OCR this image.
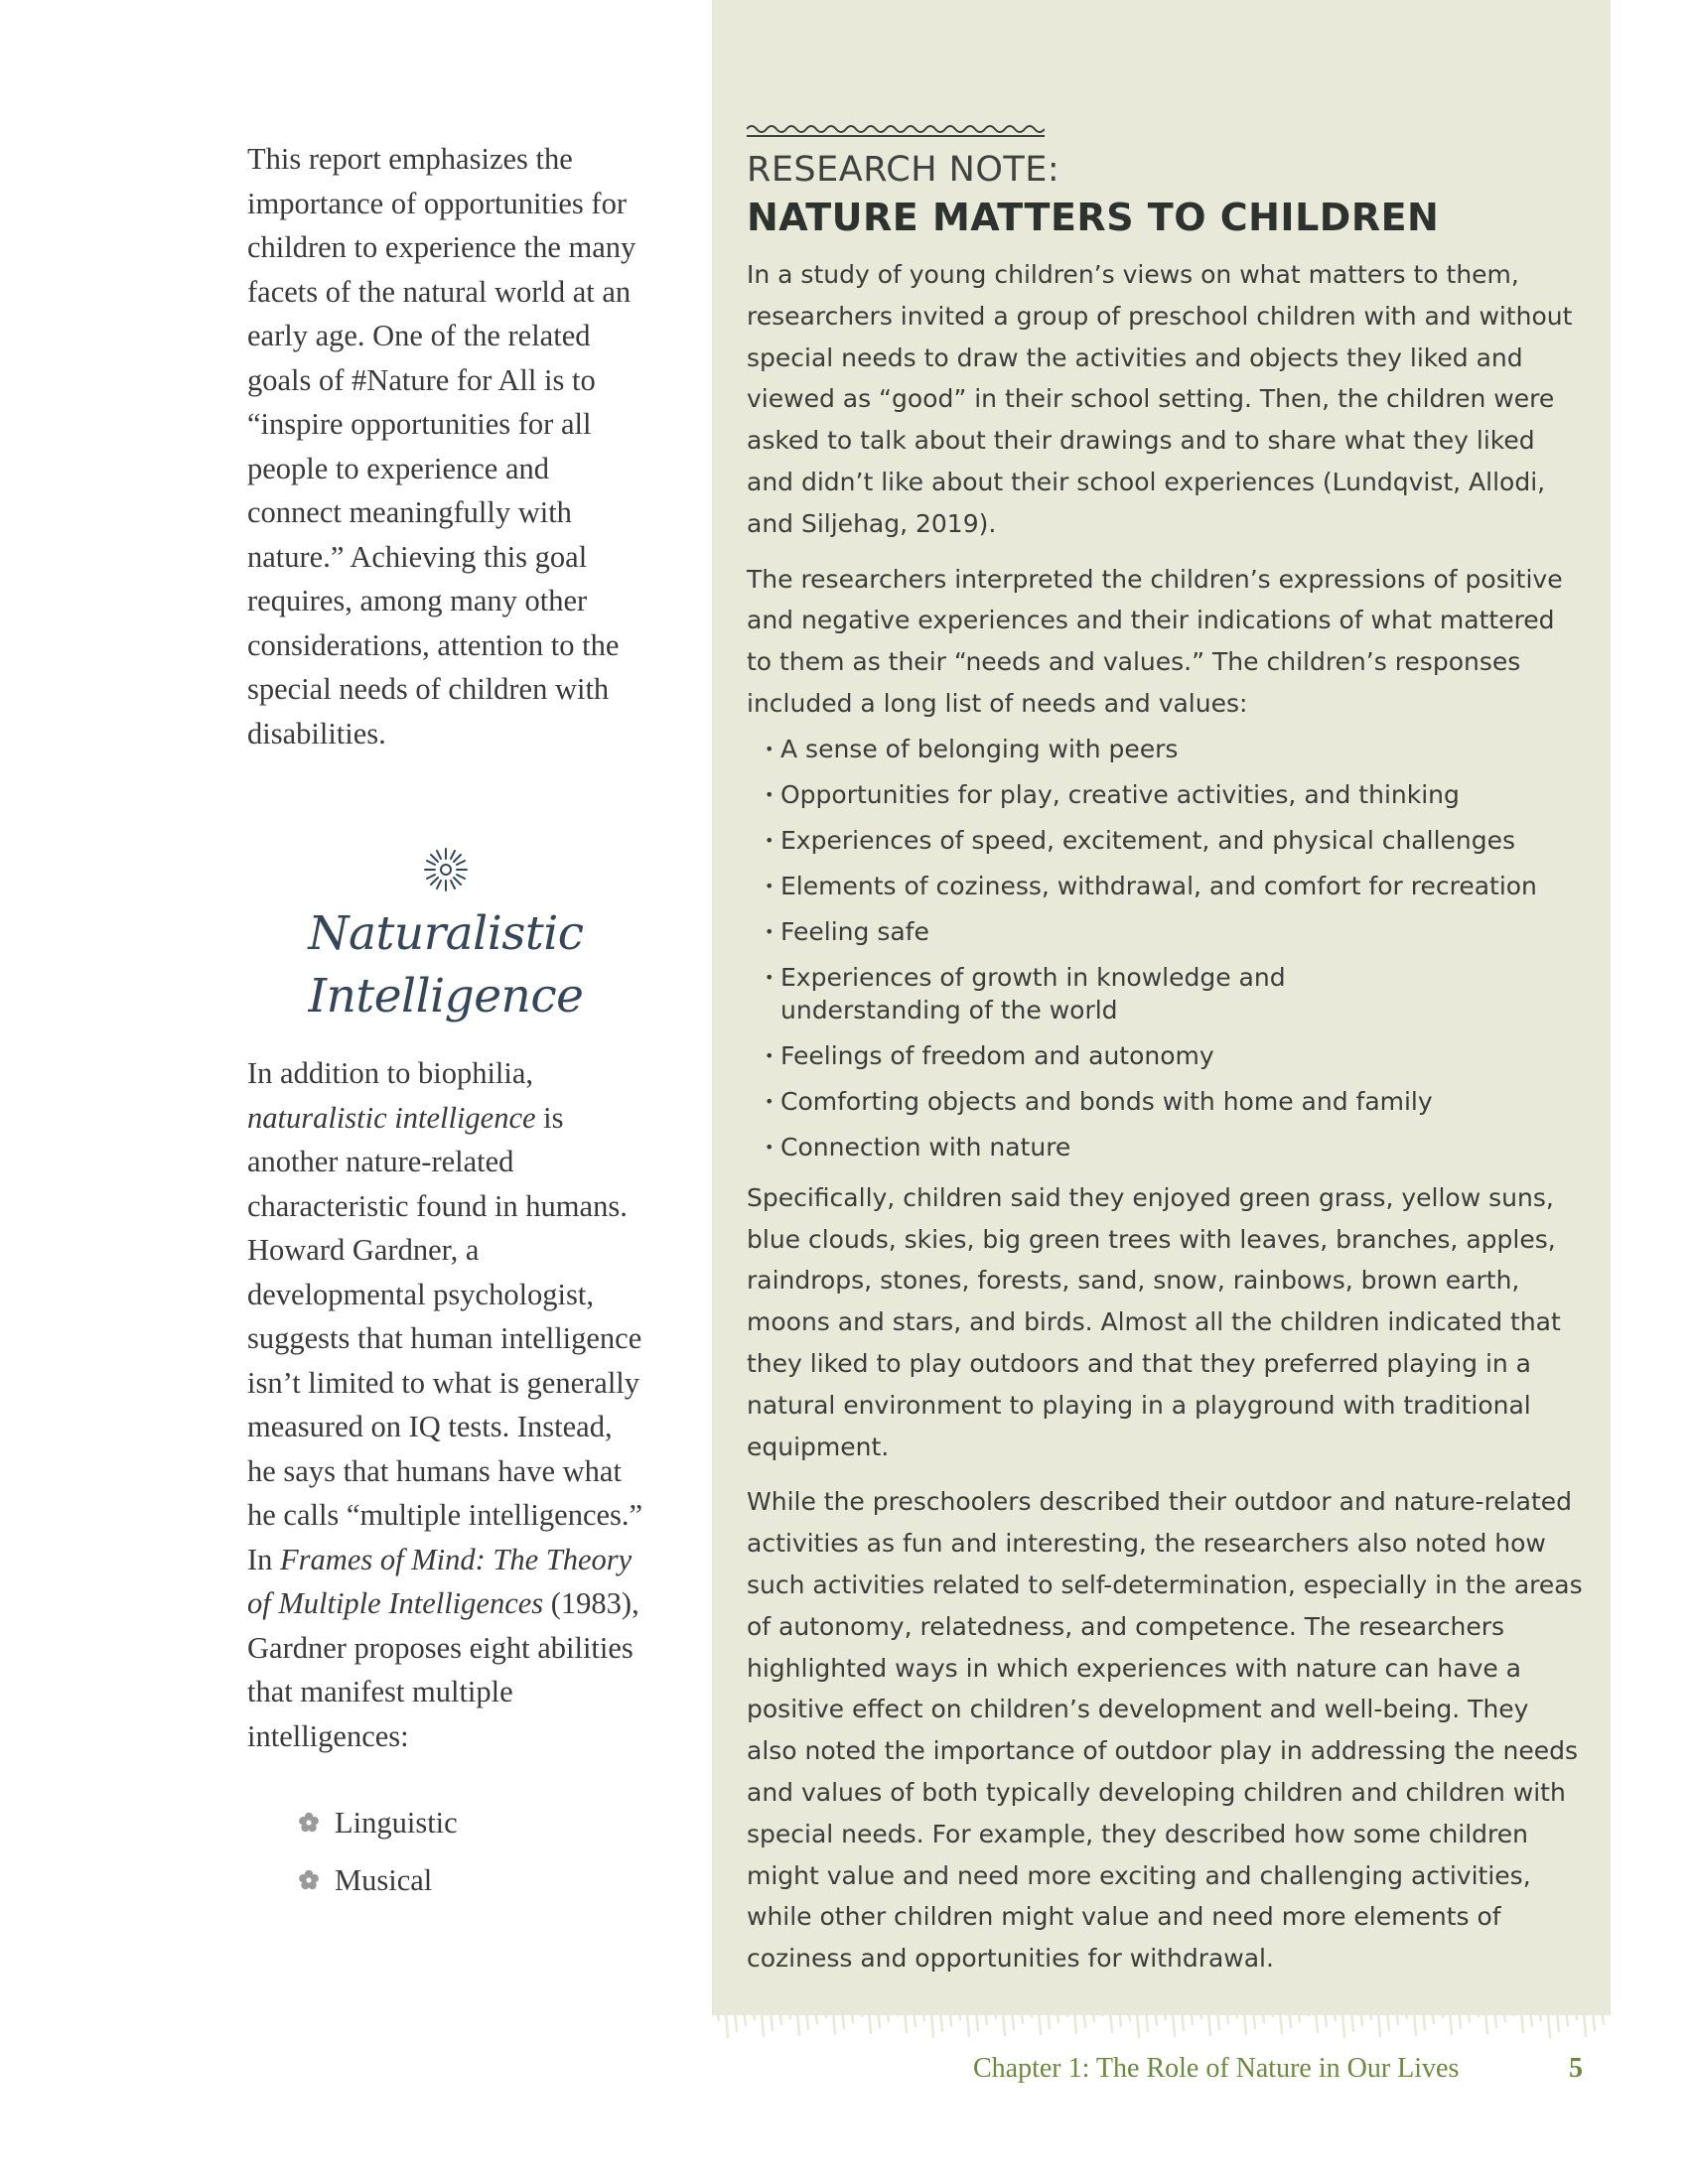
This report emphasizes the importance of opportunities for children to experience the many facets of the natural world at an early age. One of the related goals of #Nature for All is to “inspire opportunities for all people to experience and connect meaningfully with nature.” Achieving this goal requires, among many other considerations, attention to the special needs of children with disabilities.

Naturalistic
Intelligence

In addition to biophilia, naturalistic intelligence is another nature-related characteristic found in humans. Howard Gardner, a developmental psychologist, suggests that human intelligence isn’t limited to what is generally measured on IQ tests. Instead, he says that humans have what he calls “multiple intelligences.” In Frames of Mind: The Theory of Multiple Intelligences (1983), Gardner proposes eight abilities that manifest multiple intelligences:

Linguistic
Musical
RESEARCH NOTE:
NATURE MATTERS TO CHILDREN

In a study of young children’s views on what matters to them, researchers invited a group of preschool children with and without special needs to draw the activities and objects they liked and viewed as “good” in their school setting. Then, the children were asked to talk about their drawings and to share what they liked and didn’t like about their school experiences (Lundqvist, Allodi, and Siljehag, 2019).

The researchers interpreted the children’s expressions of positive and negative experiences and their indications of what mattered to them as their “needs and values.” The children’s responses included a long list of needs and values:

• A sense of belonging with peers
• Opportunities for play, creative activities, and thinking
• Experiences of speed, excitement, and physical challenges
• Elements of coziness, withdrawal, and comfort for recreation
• Feeling safe
• Experiences of growth in knowledge and understanding of the world
• Feelings of freedom and autonomy
• Comforting objects and bonds with home and family
• Connection with nature

Specifically, children said they enjoyed green grass, yellow suns, blue clouds, skies, big green trees with leaves, branches, apples, raindrops, stones, forests, sand, snow, rainbows, brown earth, moons and stars, and birds. Almost all the children indicated that they liked to play outdoors and that they preferred playing in a natural environment to playing in a playground with traditional equipment.

While the preschoolers described their outdoor and nature-related activities as fun and interesting, the researchers also noted how such activities related to self-determination, especially in the areas of autonomy, relatedness, and competence. The researchers highlighted ways in which experiences with nature can have a positive effect on children’s development and well-being. They also noted the importance of outdoor play in addressing the needs and values of both typically developing children and children with special needs. For example, they described how some children might value and need more exciting and challenging activities, while other children might value and need more elements of coziness and opportunities for withdrawal.

Chapter 1: The Role of Nature in Our Lives	5
